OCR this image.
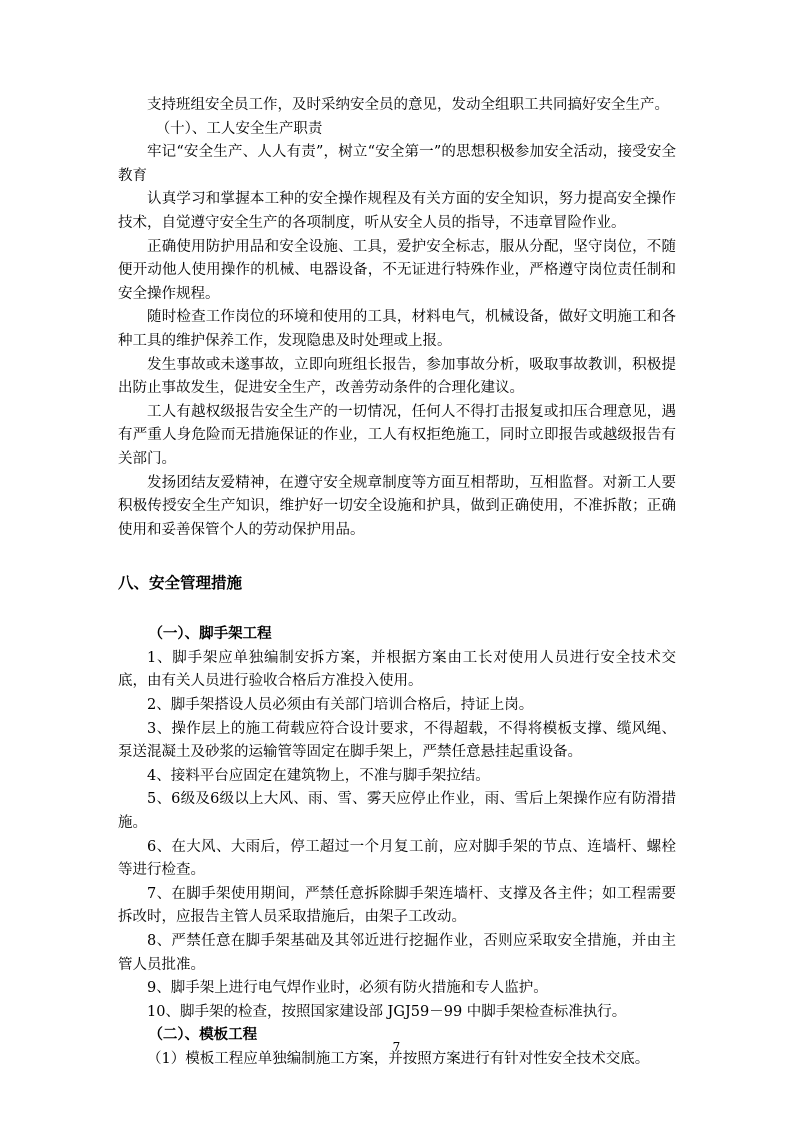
支持班组安全员工作，及时采纳安全员的意见，发动全组职工共同搞好安全生产。

（十）、工人安全生产职责

牢记“安全生产、人人有责”，树立“安全第一”的思想积极参加安全活动，接受安全教育

认真学习和掌握本工种的安全操作规程及有关方面的安全知识，努力提高安全操作技术，自觉遵守安全生产的各项制度，听从安全人员的指导，不违章冒险作业。

正确使用防护用品和安全设施、工具，爱护安全标志，服从分配，坚守岗位，不随便开动他人使用操作的机械、电器设备，不无证进行特殊作业，严格遵守岗位责任制和安全操作规程。

随时检查工作岗位的环境和使用的工具，材料电气，机械设备，做好文明施工和各种工具的维护保养工作，发现隐患及时处理或上报。

发生事故或未遂事故，立即向班组长报告，参加事故分析，吸取事故教训，积极提出防止事故发生，促进安全生产，改善劳动条件的合理化建议。

工人有越权级报告安全生产的一切情况，任何人不得打击报复或扣压合理意见，遇有严重人身危险而无措施保证的作业，工人有权拒绝施工，同时立即报告或越级报告有关部门。

发扬团结友爱精神，在遵守安全规章制度等方面互相帮助，互相监督。对新工人要积极传授安全生产知识，维护好一切安全设施和护具，做到正确使用，不准拆散；正确使用和妥善保管个人的劳动保护用品。

八、安全管理措施

（一）、脚手架工程

1、脚手架应单独编制安拆方案，并根据方案由工长对使用人员进行安全技术交底，由有关人员进行验收合格后方准投入使用。

2、脚手架搭设人员必须由有关部门培训合格后，持证上岗。

3、操作层上的施工荷载应符合设计要求，不得超载，不得将模板支撑、缆风绳、泵送混凝土及砂浆的运输管等固定在脚手架上，严禁任意悬挂起重设备。

4、接料平台应固定在建筑物上，不准与脚手架拉结。

5、6级及6级以上大风、雨、雪、雾天应停止作业，雨、雪后上架操作应有防滑措施。

6、在大风、大雨后，停工超过一个月复工前，应对脚手架的节点、连墙杆、螺栓等进行检查。

7、在脚手架使用期间，严禁任意拆除脚手架连墙杆、支撑及各主件；如工程需要拆改时，应报告主管人员采取措施后，由架子工改动。

8、严禁任意在脚手架基础及其邻近进行挖掘作业，否则应采取安全措施，并由主管人员批准。

9、脚手架上进行电气焊作业时，必须有防火措施和专人监护。

10、脚手架的检查，按照国家建设部 JGJ59－99 中脚手架检查标准执行。

（二）、模板工程

（1）模板工程应单独编制施工方案，并按照方案进行有针对性安全技术交底。

7
